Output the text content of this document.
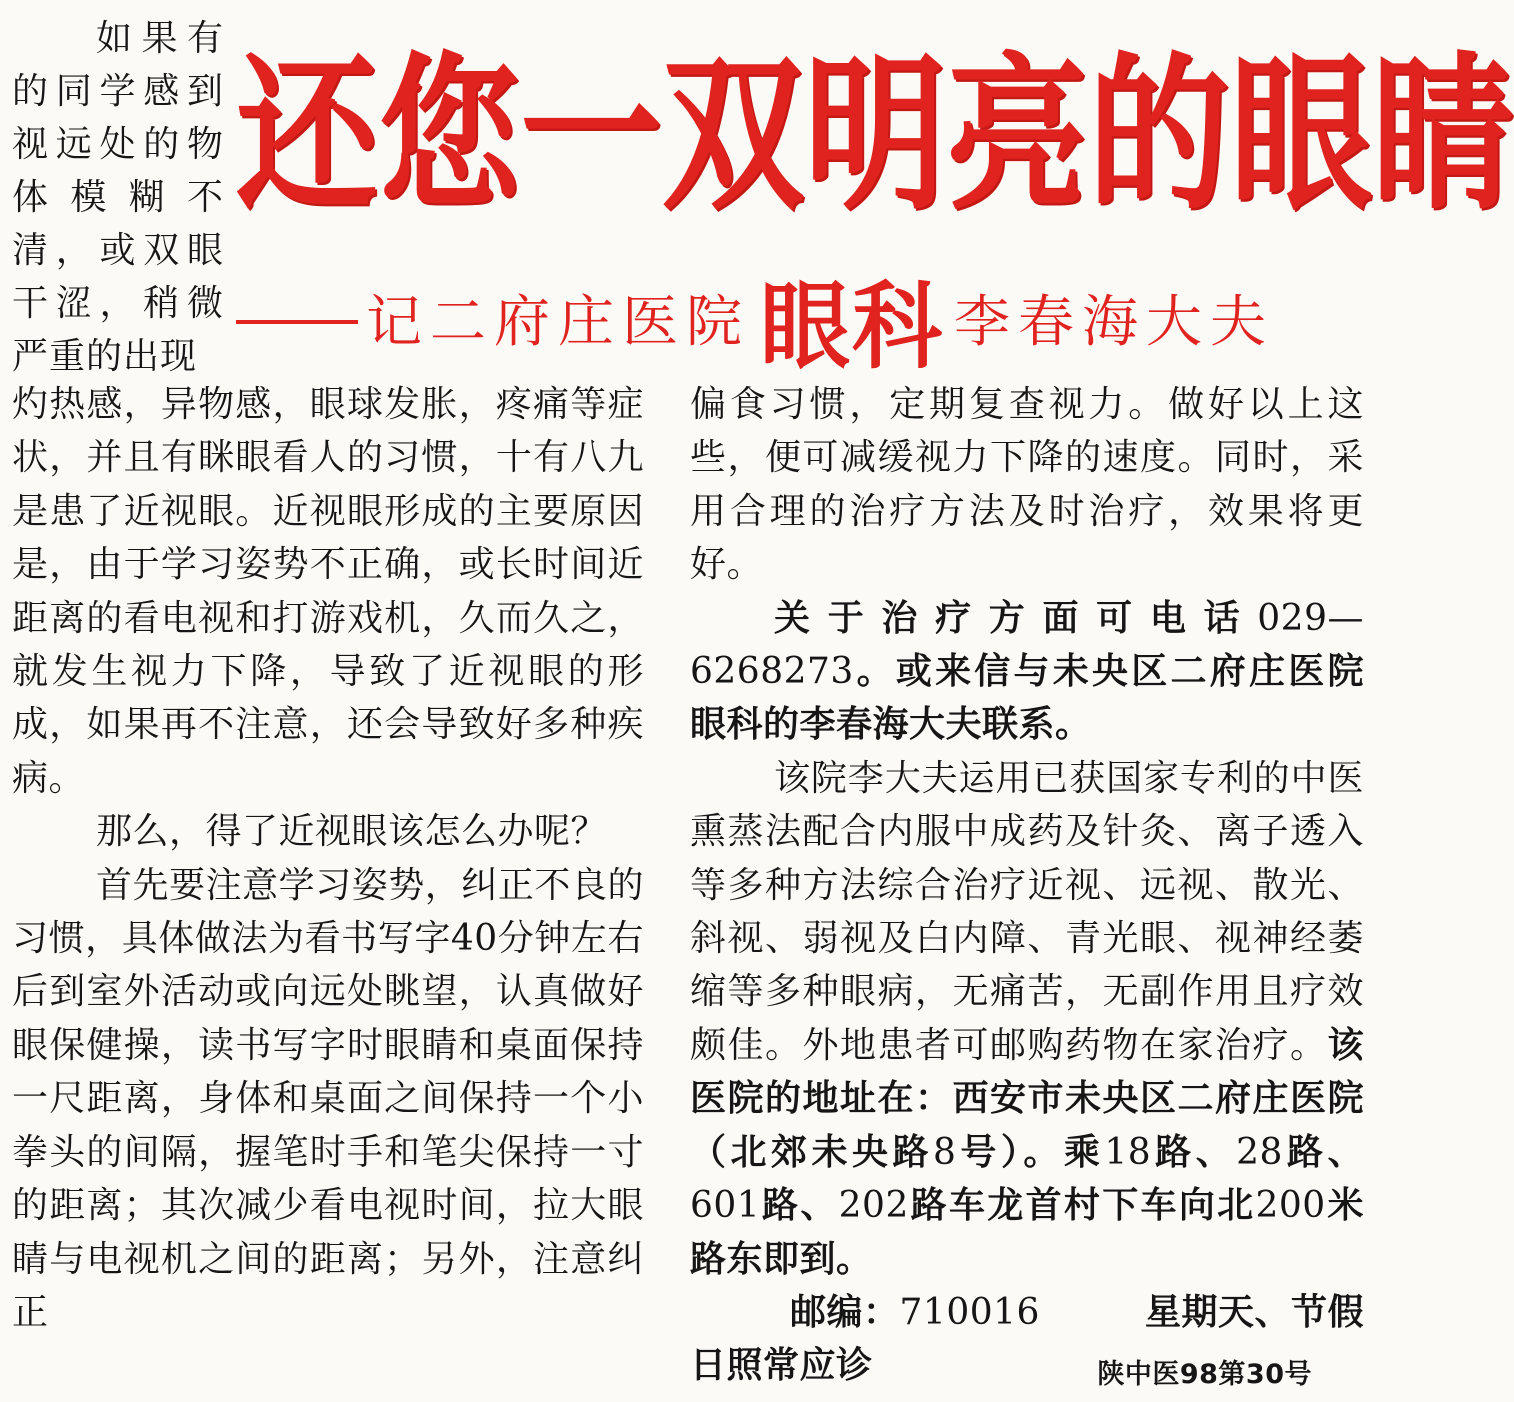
如果有的同学感到视远处的物体模糊不清，或双眼干涩，稍微严重的出现
还您一双明亮的眼睛
记二府庄医院 眼科 李春海大夫

灼热感，异物感，眼球发胀，疼痛等症状，并且有眯眼看人的习惯，十有八九是患了近视眼。近视眼形成的主要原因是，由于学习姿势不正确，或长时间近距离的看电视和打游戏机，久而久之，就发生视力下降，导致了近视眼的形成，如果再不注意，还会导致好多种疾病。

那么，得了近视眼该怎么办呢？

首先要注意学习姿势，纠正不良的习惯，具体做法为看书写字40分钟左右后到室外活动或向远处眺望，认真做好眼保健操，读书写字时眼睛和桌面保持一尺距离，身体和桌面之间保持一个小拳头的间隔，握笔时手和笔尖保持一寸的距离；其次减少看电视时间，拉大眼睛与电视机之间的距离；另外，注意纠正

偏食习惯，定期复查视力。做好以上这些，便可减缓视力下降的速度。同时，采用合理的治疗方法及时治疗，效果将更好。

关于治疗方面可电话029—6268273。或来信与未央区二府庄医院眼科的李春海大夫联系。

该院李大夫运用已获国家专利的中医熏蒸法配合内服中成药及针灸、离子透入等多种方法综合治疗近视、远视、散光、斜视、弱视及白内障、青光眼、视神经萎缩等多种眼病，无痛苦，无副作用且疗效颇佳。外地患者可邮购药物在家治疗。该医院的地址在：西安市未央区二府庄医院（北郊未央路8号）。乘18路、28路、601路、202路车龙首村下车向北200米路东即到。

邮编：710016	星期天、节假
日照常应诊	陕中医98第30号
